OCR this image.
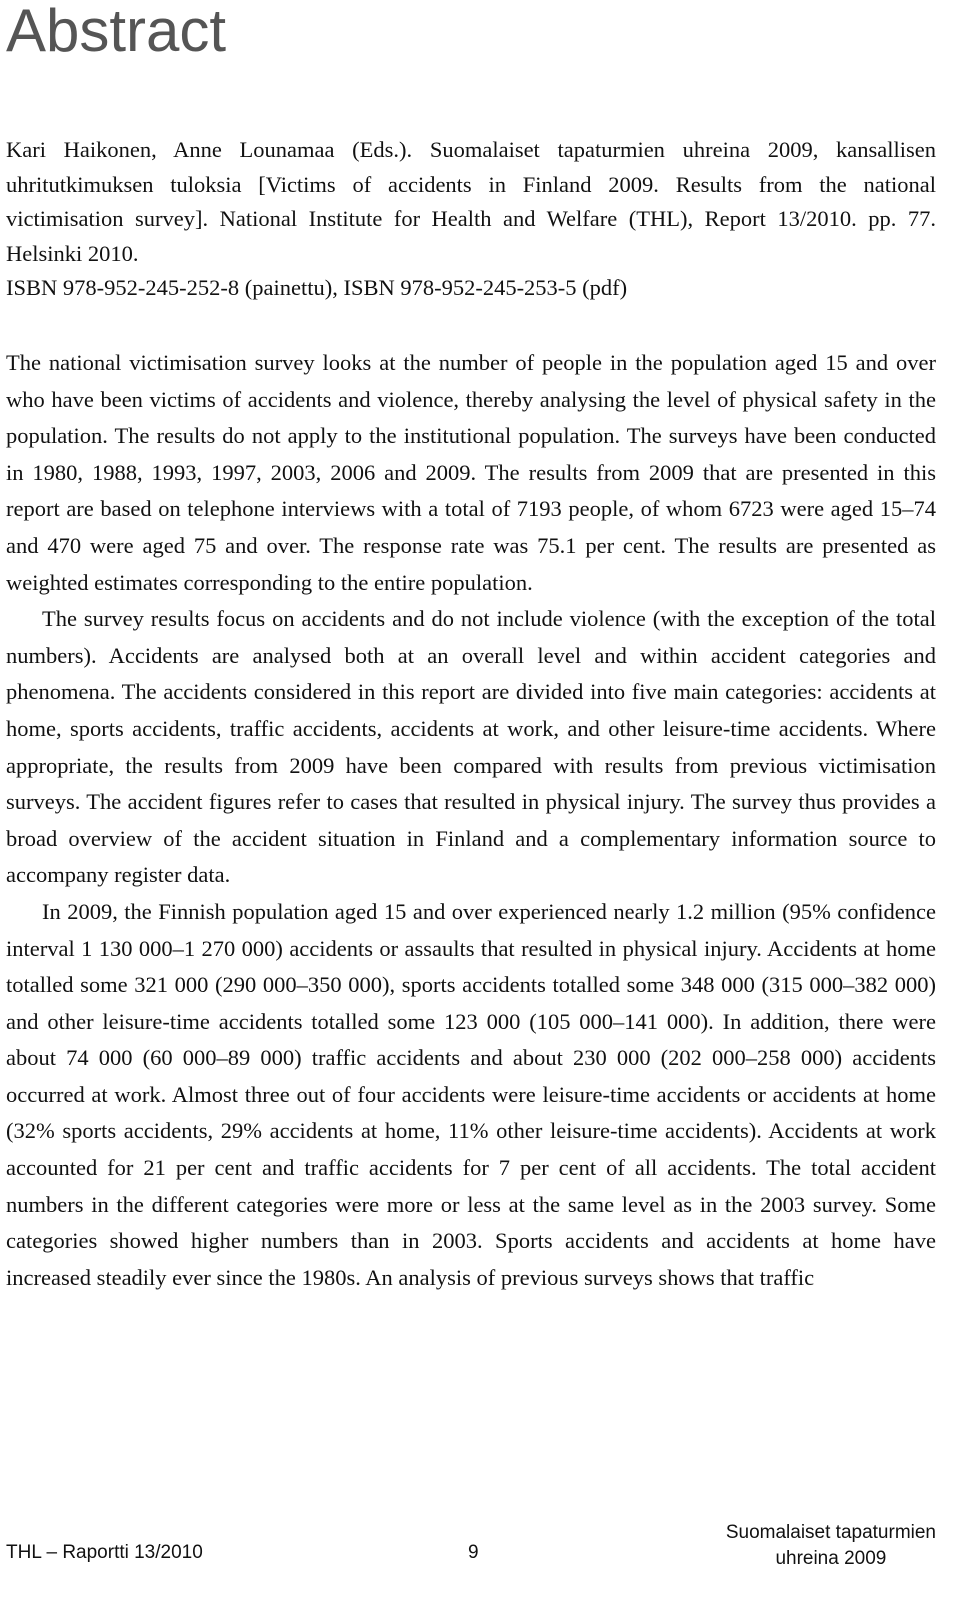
Abstract

Kari Haikonen, Anne Lounamaa (Eds.). Suomalaiset tapaturmien uhreina 2009, kansallisen uhritutkimuksen tuloksia [Victims of accidents in Finland 2009. Results from the national victimisation survey]. National Institute for Health and Welfare (THL), Report 13/2010. pp. 77. Helsinki 2010.

ISBN 978-952-245-252-8 (painettu), ISBN 978-952-245-253-5 (pdf)

The national victimisation survey looks at the number of people in the population aged 15 and over who have been victims of accidents and violence, thereby analysing the level of physical safety in the population. The results do not apply to the institutional population. The surveys have been conducted in 1980, 1988, 1993, 1997, 2003, 2006 and 2009. The results from 2009 that are presented in this report are based on telephone interviews with a total of 7193 people, of whom 6723 were aged 15–74 and 470 were aged 75 and over. The response rate was 75.1 per cent. The results are presented as weighted estimates corresponding to the entire population.

The survey results focus on accidents and do not include violence (with the exception of the total numbers). Accidents are analysed both at an overall level and within accident categories and phenomena. The accidents considered in this report are divided into five main categories: accidents at home, sports accidents, traffic accidents, accidents at work, and other leisure-time accidents. Where appropriate, the results from 2009 have been compared with results from previous victimisation surveys. The accident figures refer to cases that resulted in physical injury. The survey thus provides a broad overview of the accident situation in Finland and a complementary information source to accompany register data.

In 2009, the Finnish population aged 15 and over experienced nearly 1.2 million (95% confidence interval 1 130 000–1 270 000) accidents or assaults that resulted in physical injury. Accidents at home totalled some 321 000 (290 000–350 000), sports accidents totalled some 348 000 (315 000–382 000) and other leisure-time accidents totalled some 123 000 (105 000–141 000). In addition, there were about 74 000 (60 000–89 000) traffic accidents and about 230 000 (202 000–258 000) accidents occurred at work. Almost three out of four accidents were leisure-time accidents or accidents at home (32% sports accidents, 29% accidents at home, 11% other leisure-time accidents). Accidents at work accounted for 21 per cent and traffic accidents for 7 per cent of all accidents. The total accident numbers in the different categories were more or less at the same level as in the 2003 survey. Some categories showed higher numbers than in 2003. Sports accidents and accidents at home have increased steadily ever since the 1980s. An analysis of previous surveys shows that traffic

THL – Raportti 13/2010	9
Suomalaiset tapaturmien
uhreina 2009
